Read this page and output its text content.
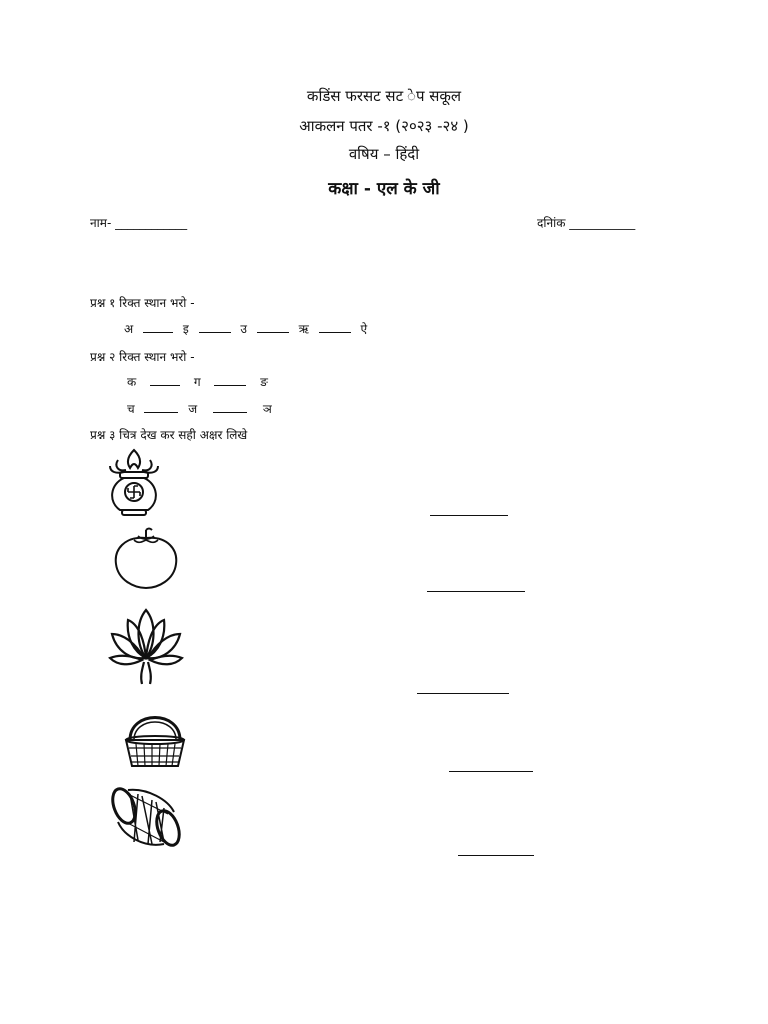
कडिंस फरसट सट ेप सकूल
आकलन पतर -१ (२०२३ -२४ )
वषिय – हिंदी
कक्षा - एल के जी
नाम- ____________	दनिांक ___________
प्रश्न १ रिक्त स्थान भरो -
अ	इ	उ	ऋ	ऐ
प्रश्न २ रिक्त स्थान भरो -
क	ग	ङ
च	ज	ञ
प्रश्न ३ चित्र देख कर सही अक्षर लिखे
